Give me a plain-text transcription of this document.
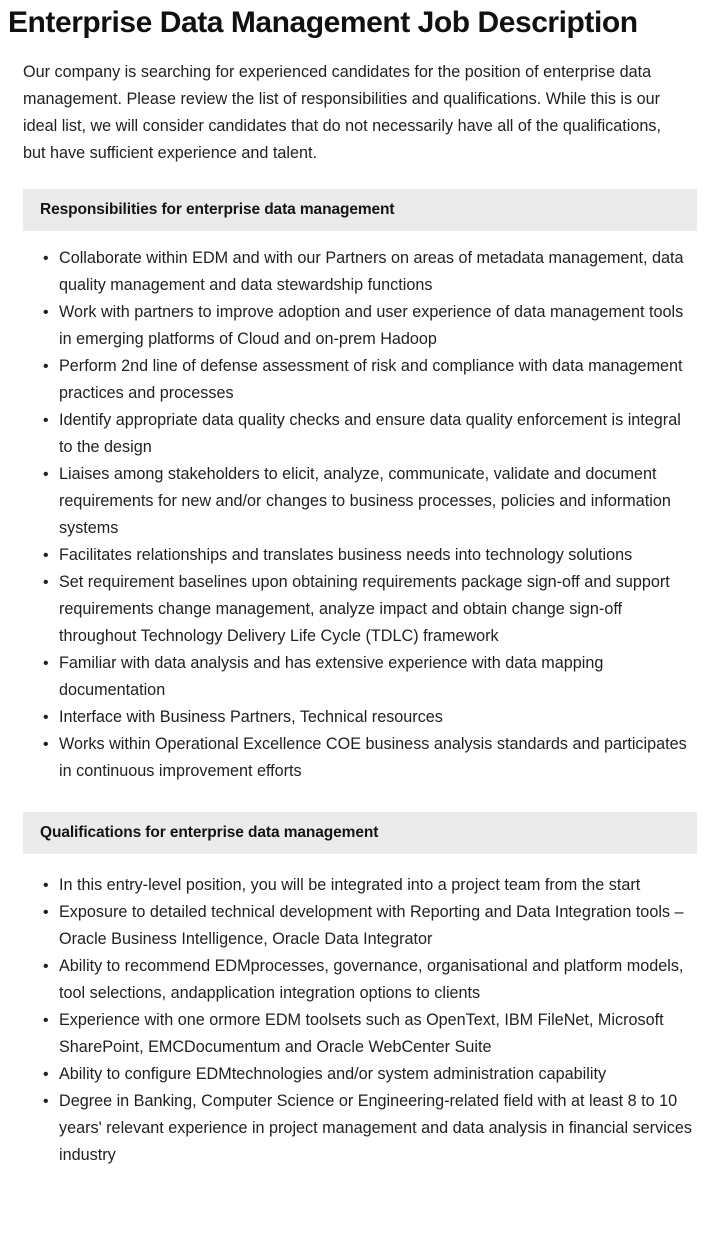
Enterprise Data Management Job Description

Our company is searching for experienced candidates for the position of enterprise data management. Please review the list of responsibilities and qualifications. While this is our ideal list, we will consider candidates that do not necessarily have all of the qualifications, but have sufficient experience and talent.

Responsibilities for enterprise data management
• Collaborate within EDM and with our Partners on areas of metadata management, data quality management and data stewardship functions
• Work with partners to improve adoption and user experience of data management tools in emerging platforms of Cloud and on-prem Hadoop
• Perform 2nd line of defense assessment of risk and compliance with data management practices and processes
• Identify appropriate data quality checks and ensure data quality enforcement is integral to the design
• Liaises among stakeholders to elicit, analyze, communicate, validate and document requirements for new and/or changes to business processes, policies and information systems
• Facilitates relationships and translates business needs into technology solutions
• Set requirement baselines upon obtaining requirements package sign-off and support requirements change management, analyze impact and obtain change sign-off throughout Technology Delivery Life Cycle (TDLC) framework
• Familiar with data analysis and has extensive experience with data mapping documentation
• Interface with Business Partners, Technical resources
• Works within Operational Excellence COE business analysis standards and participates in continuous improvement efforts
Qualifications for enterprise data management
• In this entry-level position, you will be integrated into a project team from the start
• Exposure to detailed technical development with Reporting and Data Integration tools – Oracle Business Intelligence, Oracle Data Integrator
• Ability to recommend EDMprocesses, governance, organisational and platform models, tool selections, andapplication integration options to clients
• Experience with one ormore EDM toolsets such as OpenText, IBM FileNet, Microsoft SharePoint, EMCDocumentum and Oracle WebCenter Suite
• Ability to configure EDMtechnologies and/or system administration capability
• Degree in Banking, Computer Science or Engineering-related field with at least 8 to 10 years' relevant experience in project management and data analysis in financial services industry
